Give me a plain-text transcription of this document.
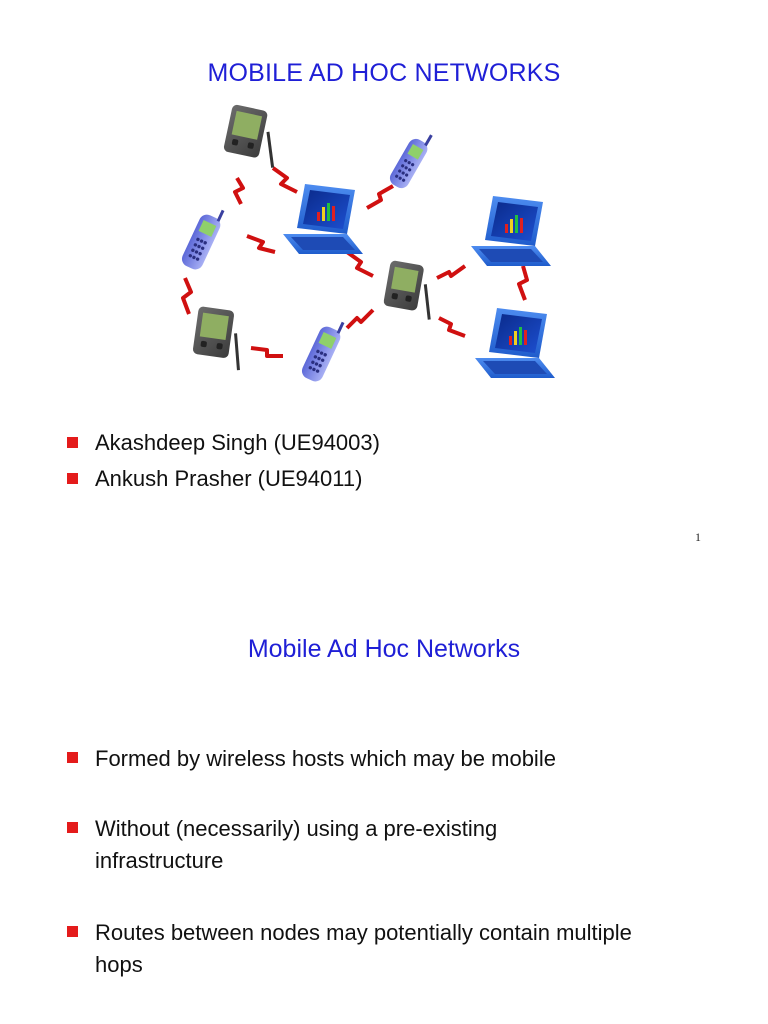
MOBILE AD HOC NETWORKS
Akashdeep Singh (UE94003)
Ankush Prasher (UE94011)
1
Mobile Ad Hoc Networks
Formed by wireless hosts which may be mobile
Without (necessarily) using a pre-existing infrastructure
Routes between nodes may potentially contain multiple hops
